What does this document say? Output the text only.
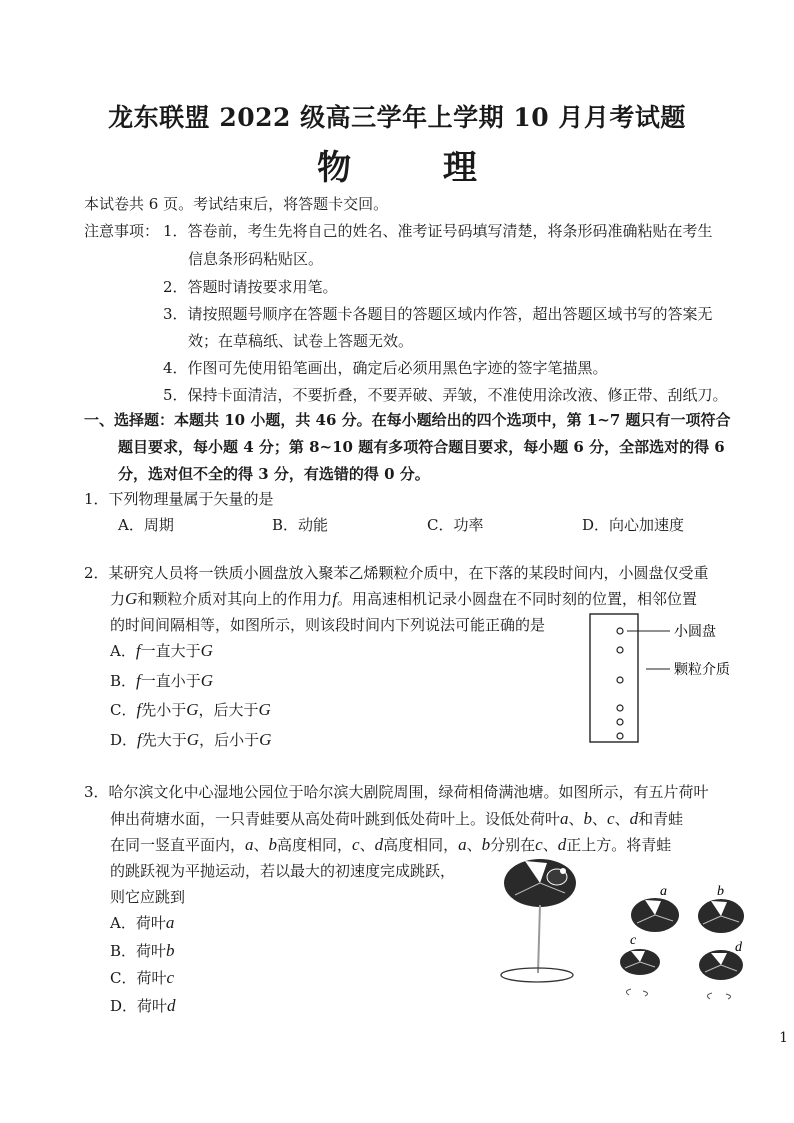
龙东联盟 2022 级高三学年上学期 10 月月考试题
物 理
本试卷共 6 页。考试结束后，将答题卡交回。
注意事项： 1．答卷前，考生先将自己的姓名、准考证号码填写清楚，将条形码准确粘贴在考生
信息条形码粘贴区。
2．答题时请按要求用笔。
3．请按照题号顺序在答题卡各题目的答题区域内作答，超出答题区域书写的答案无
效；在草稿纸、试卷上答题无效。
4．作图可先使用铅笔画出，确定后必须用黑色字迹的签字笔描黑。
5．保持卡面清洁，不要折叠，不要弄破、弄皱，不准使用涂改液、修正带、刮纸刀。
一、选择题：本题共 10 小题，共 46 分。在每小题给出的四个选项中，第 1~7 题只有一项符合
题目要求，每小题 4 分；第 8~10 题有多项符合题目要求，每小题 6 分，全部选对的得 6
分，选对但不全的得 3 分，有选错的得 0 分。
1．下列物理量属于矢量的是
A．周期	B．动能	C．功率	D．向心加速度
2．某研究人员将一铁质小圆盘放入聚苯乙烯颗粒介质中，在下落的某段时间内，小圆盘仅受重
力G和颗粒介质对其向上的作用力f。用高速相机记录小圆盘在不同时刻的位置，相邻位置
的时间间隔相等，如图所示，则该段时间内下列说法可能正确的是
A．f一直大于G
B．f一直小于G
C．f先小于G，后大于G
D．f先大于G，后小于G
小圆盘
颗粒介质
3．哈尔滨文化中心湿地公园位于哈尔滨大剧院周围，绿荷相倚满池塘。如图所示，有五片荷叶
伸出荷塘水面，一只青蛙要从高处荷叶跳到低处荷叶上。设低处荷叶a、b、c、d和青蛙
在同一竖直平面内，a、b高度相同，c、d高度相同，a、b分别在c、d正上方。将青蛙
的跳跃视为平抛运动，若以最大的初速度完成跳跃，
则它应跳到
A．荷叶a
B．荷叶b
C．荷叶c
D．荷叶d
a	b
c	d
1
